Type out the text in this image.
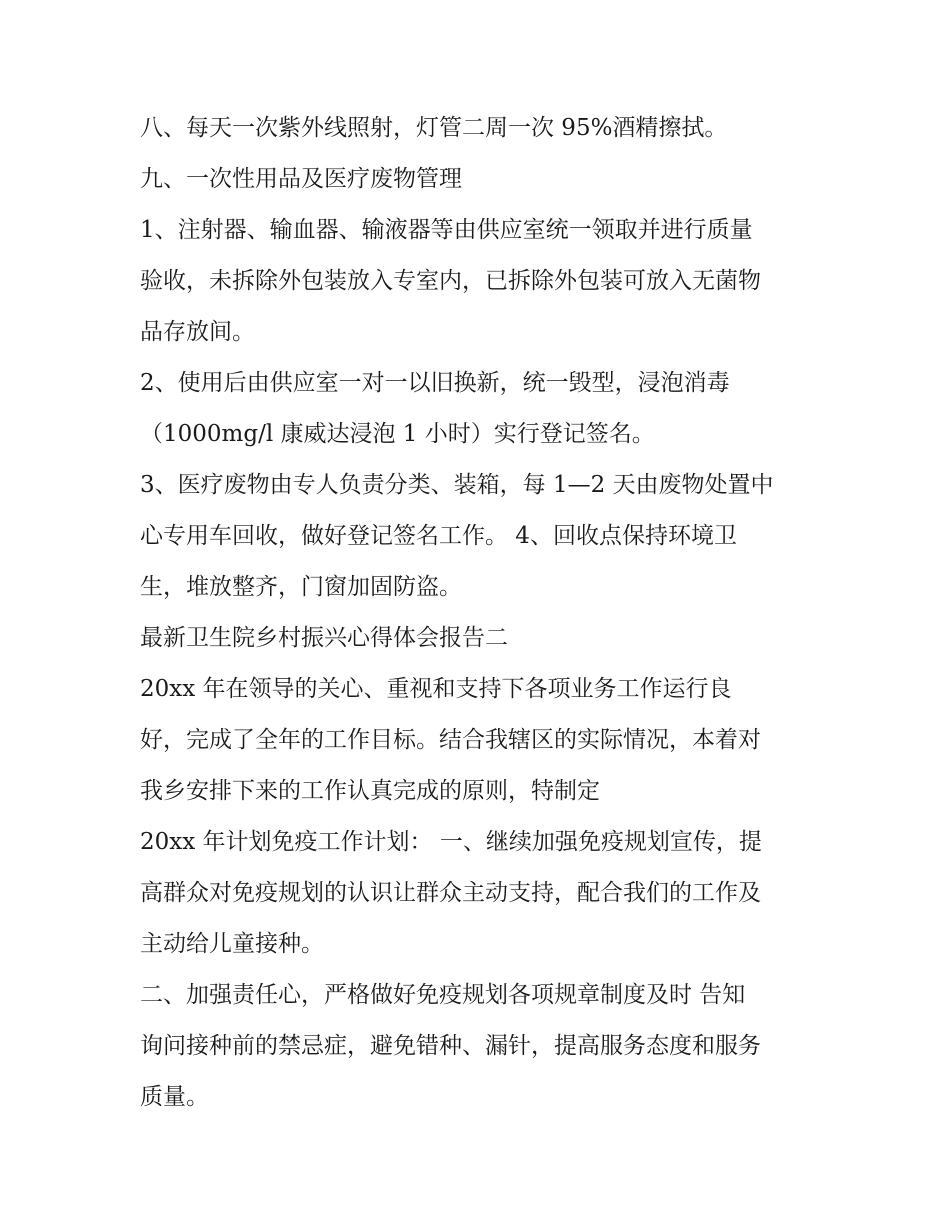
八、每天一次紫外线照射，灯管二周一次 95%酒精擦拭。
九、一次性用品及医疗废物管理
1、注射器、输血器、输液器等由供应室统一领取并进行质量
验收，未拆除外包装放入专室内，已拆除外包装可放入无菌物
品存放间。
2、使用后由供应室一对一以旧换新，统一毁型，浸泡消毒
（1000mg/l 康威达浸泡 1 小时）实行登记签名。
3、医疗废物由专人负责分类、装箱，每 1—2 天由废物处置中
心专用车回收，做好登记签名工作。 4、回收点保持环境卫
生，堆放整齐，门窗加固防盗。
最新卫生院乡村振兴心得体会报告二
20xx 年在领导的关心、重视和支持下各项业务工作运行良
好，完成了全年的工作目标。结合我辖区的实际情况，本着对
我乡安排下来的工作认真完成的原则，特制定
20xx 年计划免疫工作计划： 一、继续加强免疫规划宣传，提
高群众对免疫规划的认识让群众主动支持，配合我们的工作及
主动给儿童接种。
二、加强责任心，严格做好免疫规划各项规章制度及时 告知
询问接种前的禁忌症，避免错种、漏针，提高服务态度和服务
质量。
